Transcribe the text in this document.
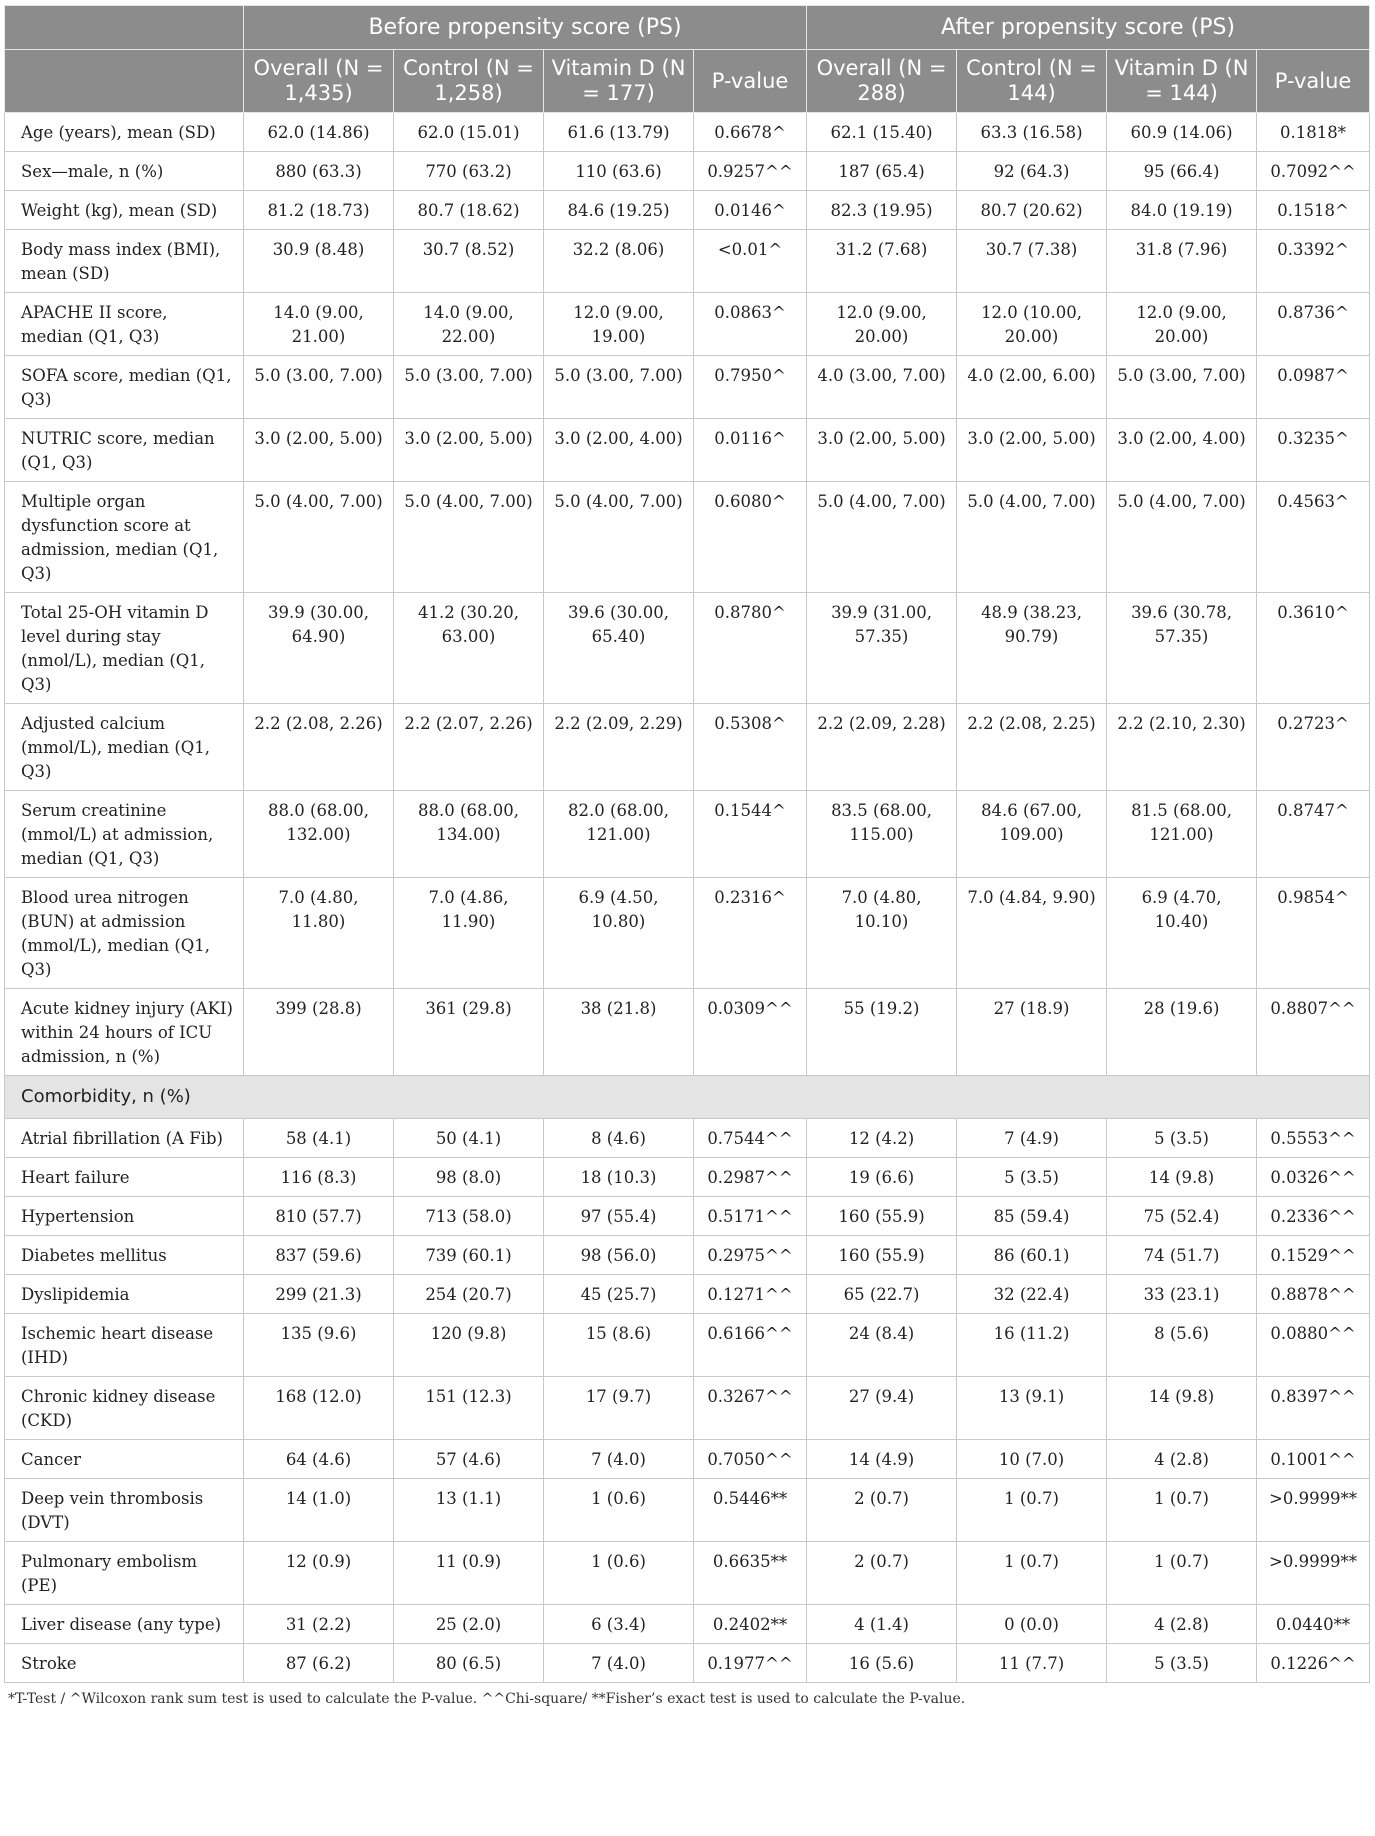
	Before propensity score (PS)				After propensity score (PS)			
	Overall (N = 1,435)	Control (N = 1,258)	Vitamin D (N = 177)	P-value	Overall (N = 288)	Control (N = 144)	Vitamin D (N = 144)	P-value
Age (years), mean (SD)	62.0 (14.86)	62.0 (15.01)	61.6 (13.79)	0.6678^	62.1 (15.40)	63.3 (16.58)	60.9 (14.06)	0.1818*
Sex—male, n (%)	880 (63.3)	770 (63.2)	110 (63.6)	0.9257^^	187 (65.4)	92 (64.3)	95 (66.4)	0.7092^^
Weight (kg), mean (SD)	81.2 (18.73)	80.7 (18.62)	84.6 (19.25)	0.0146^	82.3 (19.95)	80.7 (20.62)	84.0 (19.19)	0.1518^
Body mass index (BMI), mean (SD)	30.9 (8.48)	30.7 (8.52)	32.2 (8.06)	<0.01^	31.2 (7.68)	30.7 (7.38)	31.8 (7.96)	0.3392^
APACHE II score, median (Q1, Q3)	14.0 (9.00, 21.00)	14.0 (9.00, 22.00)	12.0 (9.00, 19.00)	0.0863^	12.0 (9.00, 20.00)	12.0 (10.00, 20.00)	12.0 (9.00, 20.00)	0.8736^
SOFA score, median (Q1, Q3)	5.0 (3.00, 7.00)	5.0 (3.00, 7.00)	5.0 (3.00, 7.00)	0.7950^	4.0 (3.00, 7.00)	4.0 (2.00, 6.00)	5.0 (3.00, 7.00)	0.0987^
NUTRIC score, median (Q1, Q3)	3.0 (2.00, 5.00)	3.0 (2.00, 5.00)	3.0 (2.00, 4.00)	0.0116^	3.0 (2.00, 5.00)	3.0 (2.00, 5.00)	3.0 (2.00, 4.00)	0.3235^
Multiple organ dysfunction score at admission, median (Q1, Q3)	5.0 (4.00, 7.00)	5.0 (4.00, 7.00)	5.0 (4.00, 7.00)	0.6080^	5.0 (4.00, 7.00)	5.0 (4.00, 7.00)	5.0 (4.00, 7.00)	0.4563^
Total 25-OH vitamin D level during stay (nmol/L), median (Q1, Q3)	39.9 (30.00, 64.90)	41.2 (30.20, 63.00)	39.6 (30.00, 65.40)	0.8780^	39.9 (31.00, 57.35)	48.9 (38.23, 90.79)	39.6 (30.78, 57.35)	0.3610^
Adjusted calcium (mmol/L), median (Q1, Q3)	2.2 (2.08, 2.26)	2.2 (2.07, 2.26)	2.2 (2.09, 2.29)	0.5308^	2.2 (2.09, 2.28)	2.2 (2.08, 2.25)	2.2 (2.10, 2.30)	0.2723^
Serum creatinine (mmol/L) at admission, median (Q1, Q3)	88.0 (68.00, 132.00)	88.0 (68.00, 134.00)	82.0 (68.00, 121.00)	0.1544^	83.5 (68.00, 115.00)	84.6 (67.00, 109.00)	81.5 (68.00, 121.00)	0.8747^
Blood urea nitrogen (BUN) at admission (mmol/L), median (Q1, Q3)	7.0 (4.80, 11.80)	7.0 (4.86, 11.90)	6.9 (4.50, 10.80)	0.2316^	7.0 (4.80, 10.10)	7.0 (4.84, 9.90)	6.9 (4.70, 10.40)	0.9854^
Acute kidney injury (AKI) within 24 hours of ICU admission, n (%)	399 (28.8)	361 (29.8)	38 (21.8)	0.0309^^	55 (19.2)	27 (18.9)	28 (19.6)	0.8807^^
Comorbidity, n (%)								
Atrial fibrillation (A Fib)	58 (4.1)	50 (4.1)	8 (4.6)	0.7544^^	12 (4.2)	7 (4.9)	5 (3.5)	0.5553^^
Heart failure	116 (8.3)	98 (8.0)	18 (10.3)	0.2987^^	19 (6.6)	5 (3.5)	14 (9.8)	0.0326^^
Hypertension	810 (57.7)	713 (58.0)	97 (55.4)	0.5171^^	160 (55.9)	85 (59.4)	75 (52.4)	0.2336^^
Diabetes mellitus	837 (59.6)	739 (60.1)	98 (56.0)	0.2975^^	160 (55.9)	86 (60.1)	74 (51.7)	0.1529^^
Dyslipidemia	299 (21.3)	254 (20.7)	45 (25.7)	0.1271^^	65 (22.7)	32 (22.4)	33 (23.1)	0.8878^^
Ischemic heart disease (IHD)	135 (9.6)	120 (9.8)	15 (8.6)	0.6166^^	24 (8.4)	16 (11.2)	8 (5.6)	0.0880^^
Chronic kidney disease (CKD)	168 (12.0)	151 (12.3)	17 (9.7)	0.3267^^	27 (9.4)	13 (9.1)	14 (9.8)	0.8397^^
Cancer	64 (4.6)	57 (4.6)	7 (4.0)	0.7050^^	14 (4.9)	10 (7.0)	4 (2.8)	0.1001^^
Deep vein thrombosis (DVT)	14 (1.0)	13 (1.1)	1 (0.6)	0.5446**	2 (0.7)	1 (0.7)	1 (0.7)	>0.9999**
Pulmonary embolism (PE)	12 (0.9)	11 (0.9)	1 (0.6)	0.6635**	2 (0.7)	1 (0.7)	1 (0.7)	>0.9999**
Liver disease (any type)	31 (2.2)	25 (2.0)	6 (3.4)	0.2402**	4 (1.4)	0 (0.0)	4 (2.8)	0.0440**
Stroke	87 (6.2)	80 (6.5)	7 (4.0)	0.1977^^	16 (5.6)	11 (7.7)	5 (3.5)	0.1226^^
*T-Test / ^Wilcoxon rank sum test is used to calculate the P-value. ^^Chi-square/ **Fisher’s exact test is used to calculate the P-value.
